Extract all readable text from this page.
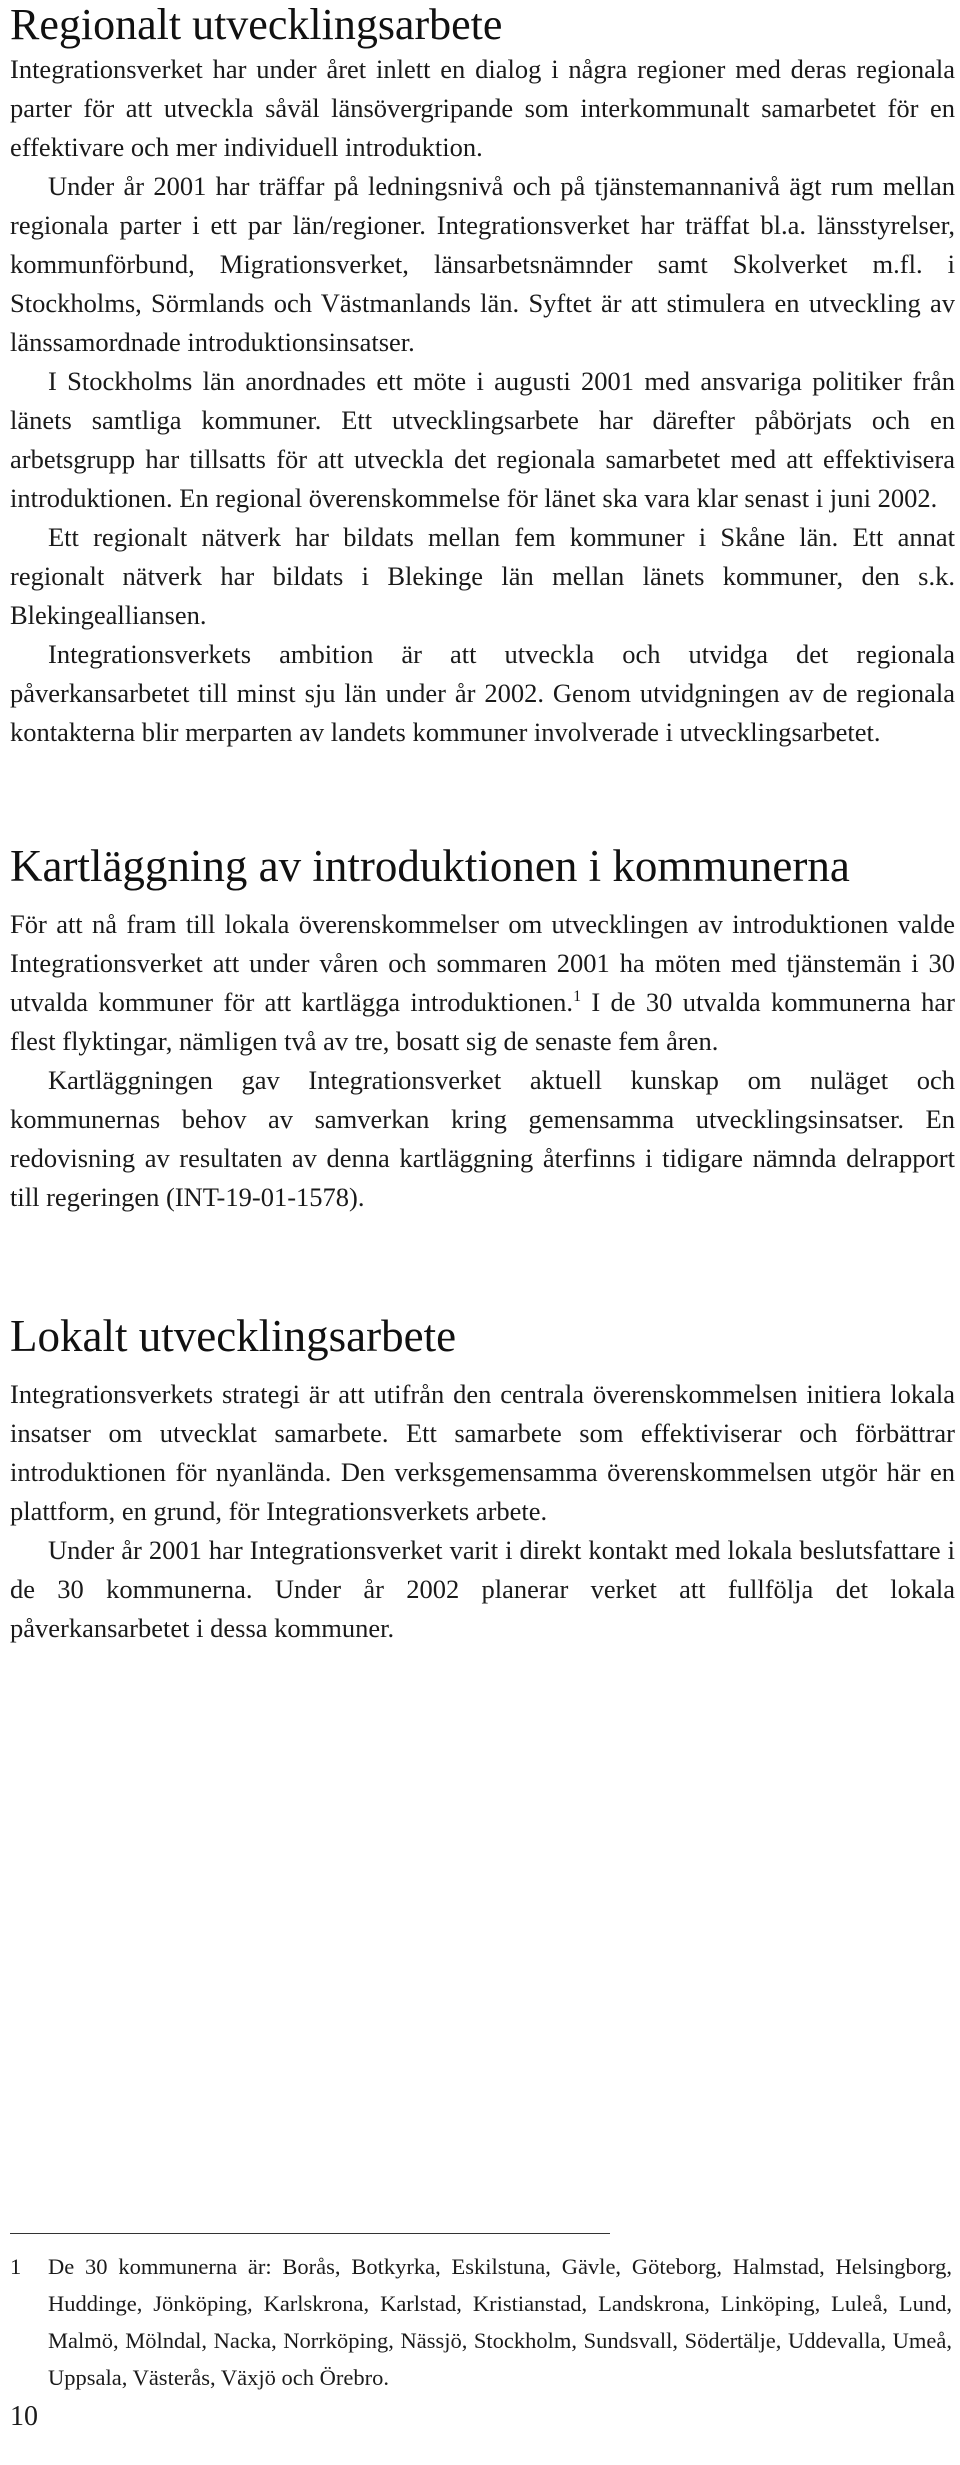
Regionalt utvecklingsarbete

Integrationsverket har under året inlett en dialog i några regioner med deras regionala parter för att utveckla såväl länsövergripande som interkommunalt samarbetet för en effektivare och mer individuell introduktion.

Under år 2001 har träffar på ledningsnivå och på tjänstemannanivå ägt rum mellan regionala parter i ett par län/regioner. Integrationsverket har träffat bl.a. länsstyrelser, kommunförbund, Migrationsverket, länsarbetsnämnder samt Skolverket m.fl. i Stockholms, Sörmlands och Västmanlands län. Syftet är att stimulera en utveckling av länssamordnade introduktionsinsatser.

I Stockholms län anordnades ett möte i augusti 2001 med ansvariga politiker från länets samtliga kommuner. Ett utvecklingsarbete har därefter påbörjats och en arbetsgrupp har tillsatts för att utveckla det regionala samarbetet med att effektivisera introduktionen. En regional överenskommelse för länet ska vara klar senast i juni 2002.

Ett regionalt nätverk har bildats mellan fem kommuner i Skåne län. Ett annat regionalt nätverk har bildats i Blekinge län mellan länets kommuner, den s.k. Blekingealliansen.

Integrationsverkets ambition är att utveckla och utvidga det regionala påverkansarbetet till minst sju län under år 2002. Genom utvidgningen av de regionala kontakterna blir merparten av landets kommuner involverade i utvecklingsarbetet.

Kartläggning av introduktionen i kommunerna

För att nå fram till lokala överenskommelser om utvecklingen av introduktionen valde Integrationsverket att under våren och sommaren 2001 ha möten med tjänstemän i 30 utvalda kommuner för att kartlägga introduktionen.$^1$ I de 30 utvalda kommunerna har flest flyktingar, nämligen två av tre, bosatt sig de senaste fem åren.

Kartläggningen gav Integrationsverket aktuell kunskap om nuläget och kommunernas behov av samverkan kring gemensamma utvecklingsinsatser. En redovisning av resultaten av denna kartläggning återfinns i tidigare nämnda delrapport till regeringen (INT-19-01-1578).

Lokalt utvecklingsarbete

Integrationsverkets strategi är att utifrån den centrala överenskommelsen initiera lokala insatser om utvecklat samarbete. Ett samarbete som effektiviserar och förbättrar introduktionen för nyanlända. Den verksgemensamma överenskommelsen utgör här en plattform, en grund, för Integrationsverkets arbete.

Under år 2001 har Integrationsverket varit i direkt kontakt med lokala beslutsfattare i de 30 kommunerna. Under år 2002 planerar verket att fullfölja det lokala påverkansarbetet i dessa kommuner.

1 De 30 kommunerna är: Borås, Botkyrka, Eskilstuna, Gävle, Göteborg, Halmstad, Helsingborg, Huddinge, Jönköping, Karlskrona, Karlstad, Kristianstad, Landskrona, Linköping, Luleå, Lund, Malmö, Mölndal, Nacka, Norrköping, Nässjö, Stockholm, Sundsvall, Södertälje, Uddevalla, Umeå, Uppsala, Västerås, Växjö och Örebro.

10
